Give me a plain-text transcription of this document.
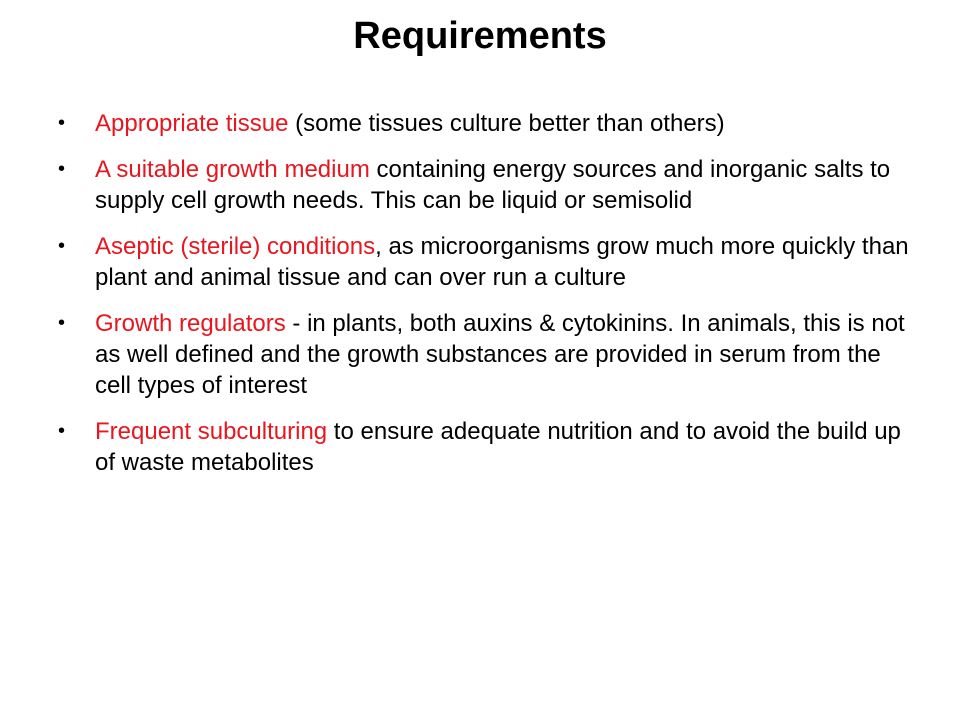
Requirements
•	Appropriate tissue (some tissues culture better than others)
•	A suitable growth medium containing energy sources and inorganic salts to supply cell growth needs. This can be liquid or semisolid
•	Aseptic (sterile) conditions, as microorganisms grow much more quickly than plant and animal tissue and can over run a culture
•	Growth regulators - in plants, both auxins & cytokinins. In animals, this is not as well defined and the growth substances are provided in serum from the cell types of interest
•	Frequent subculturing to ensure adequate nutrition and to avoid the build up of waste metabolites
